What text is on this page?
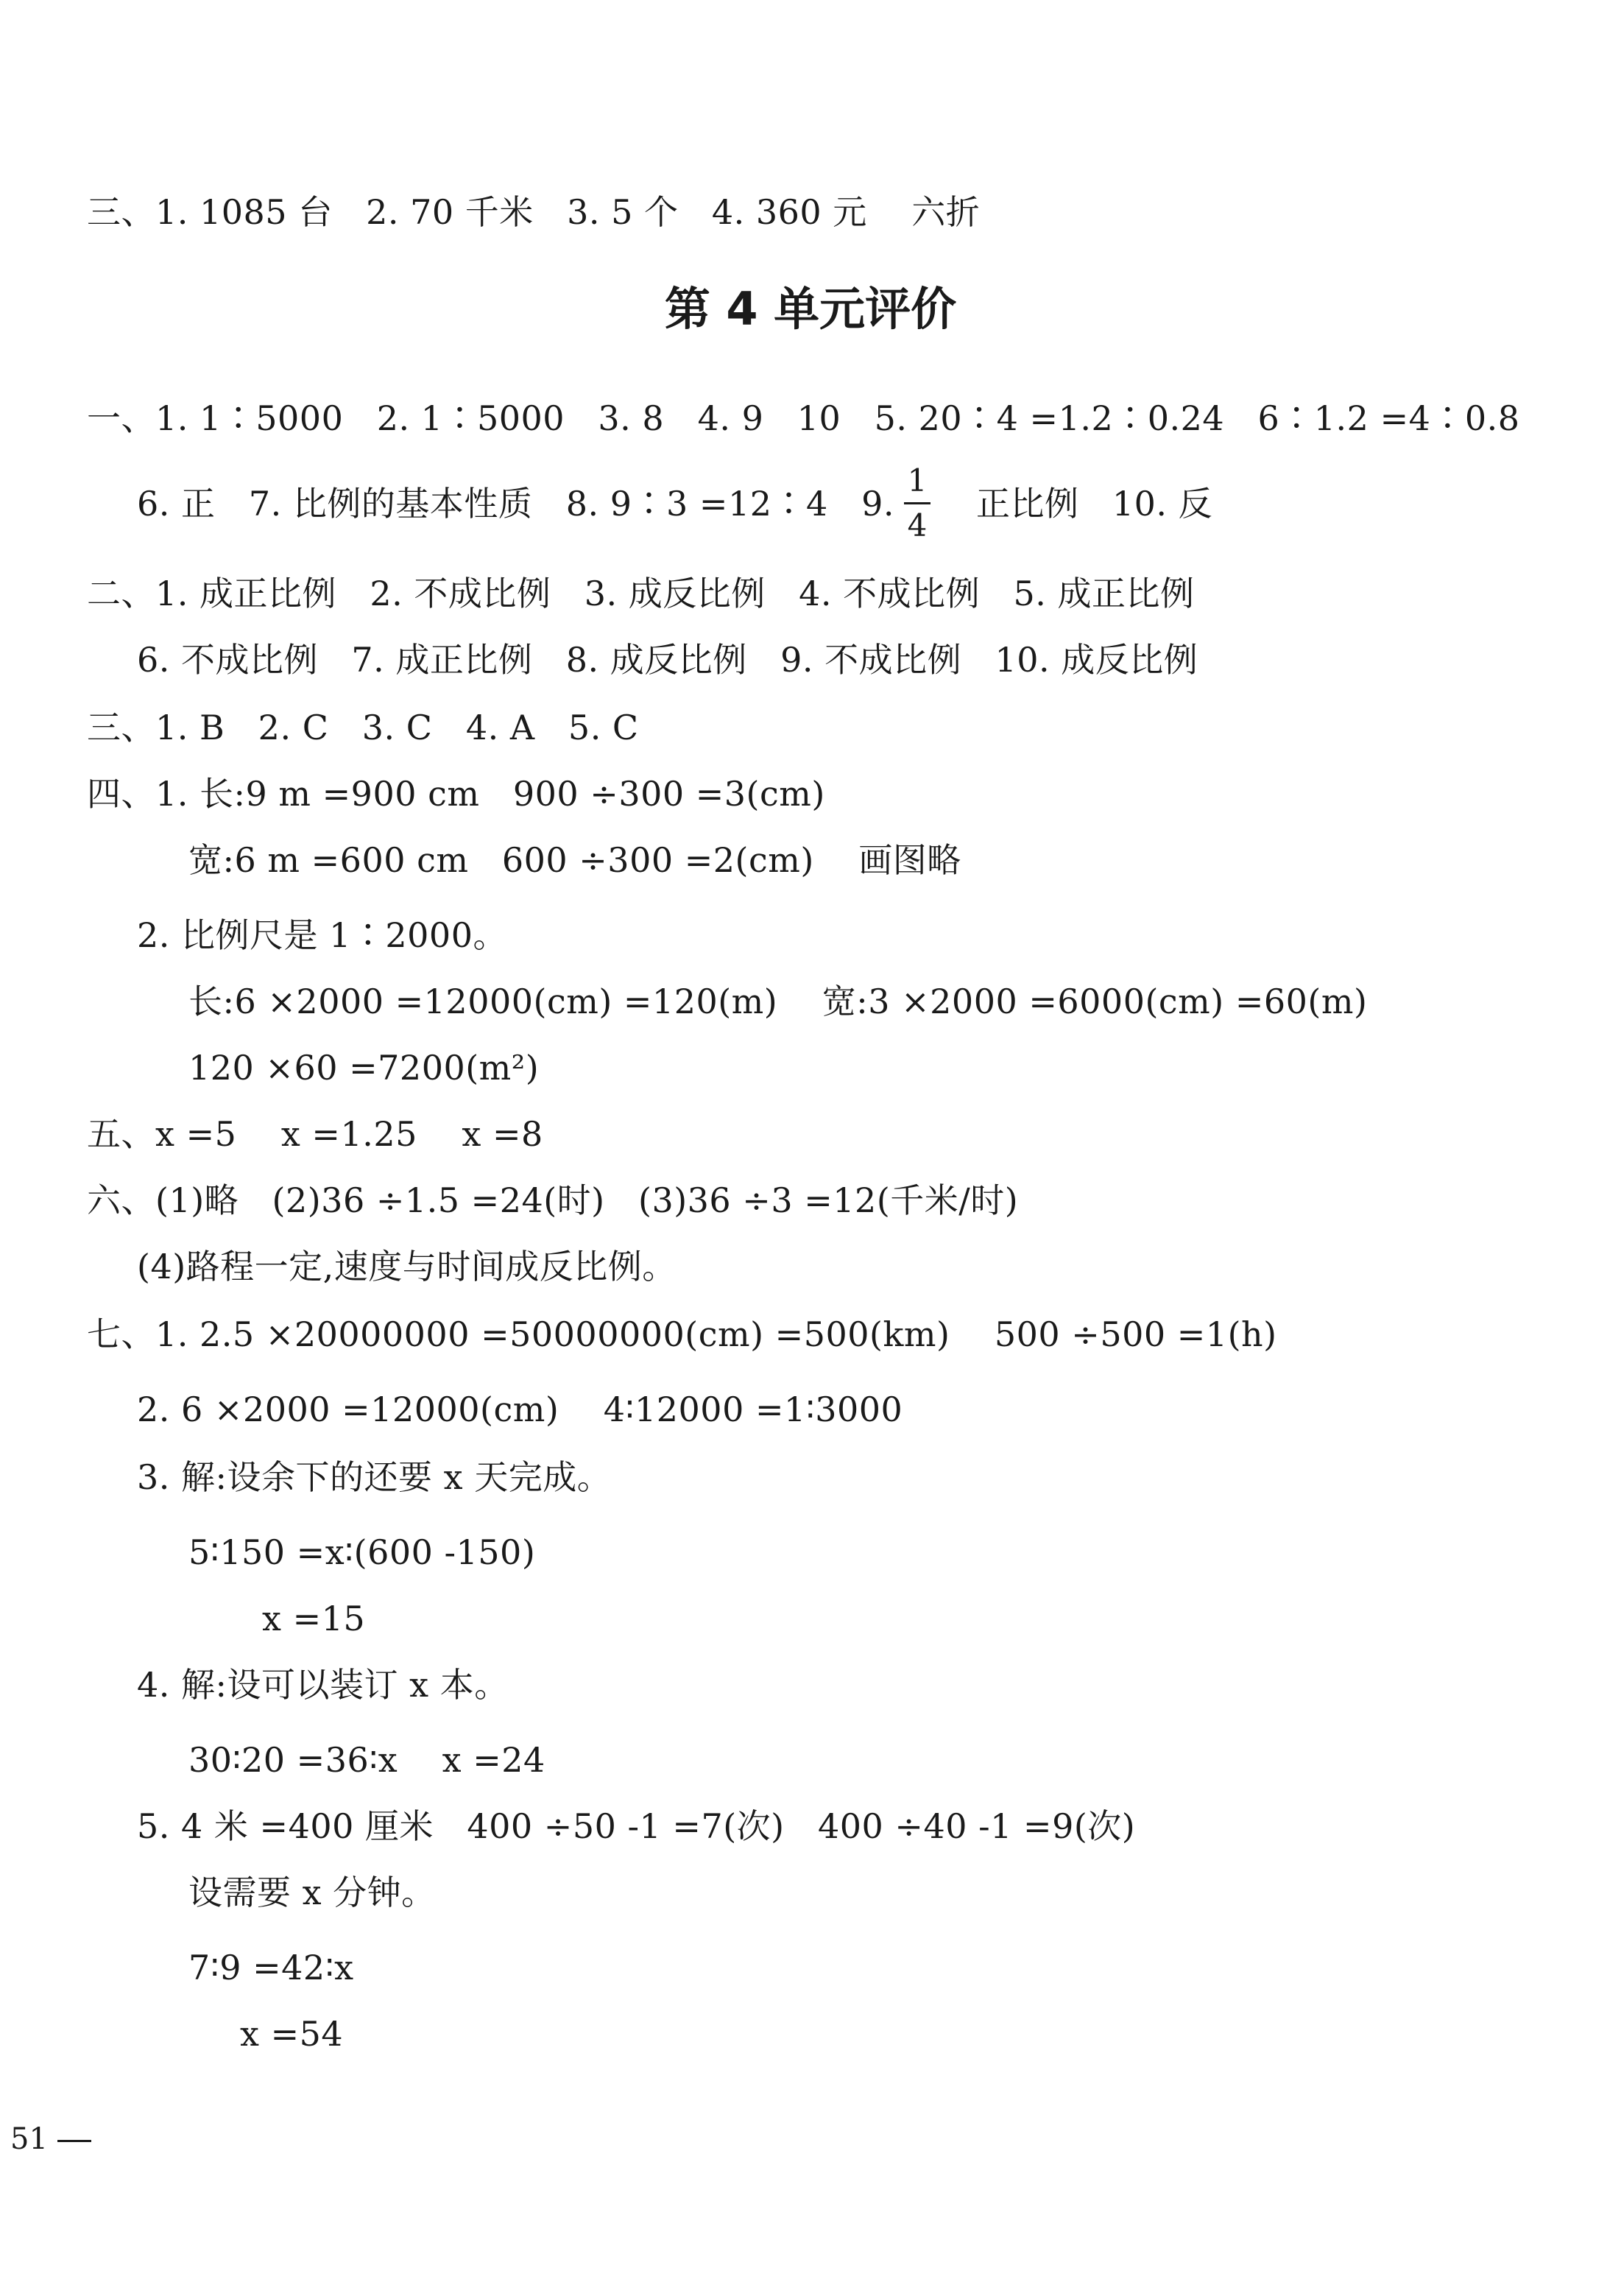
三、1. 1085 台   2. 70 千米   3. 5 个   4. 360 元    六折
第 4 单元评价
一、1. 1∶5000   2. 1∶5000   3. 8   4. 9   10   5. 20∶4 =1.2∶0.24   6∶1.2 =4∶0.8
6. 正   7. 比例的基本性质   8. 9∶3 =12∶4   9.
1
4
正比例   10. 反
二、1. 成正比例   2. 不成比例   3. 成反比例   4. 不成比例   5. 成正比例
6. 不成比例   7. 成正比例   8. 成反比例   9. 不成比例   10. 成反比例
三、1. B   2. C   3. C   4. A   5. C
四、1. 长:9 m =900 cm   900 ÷300 =3(cm)
宽:6 m =600 cm   600 ÷300 =2(cm)    画图略
2. 比例尺是 1∶2000。
长:6 ×2000 =12000(cm) =120(m)    宽:3 ×2000 =6000(cm) =60(m)
120 ×60 =7200(m²)
五、x =5    x =1.25    x =8
六、(1)略   (2)36 ÷1.5 =24(时)   (3)36 ÷3 =12(千米/时)
(4)路程一定,速度与时间成反比例。
七、1. 2.5 ×20000000 =50000000(cm) =500(km)    500 ÷500 =1(h)
2. 6 ×2000 =12000(cm)    4∶12000 =1∶3000
3. 解:设余下的还要 x 天完成。
5∶150 =x∶(600 -150)
x =15
4. 解:设可以装订 x 本。
30∶20 =36∶x    x =24
5. 4 米 =400 厘米   400 ÷50 -1 =7(次)   400 ÷40 -1 =9(次)
设需要 x 分钟。
7∶9 =42∶x
x =54
51
